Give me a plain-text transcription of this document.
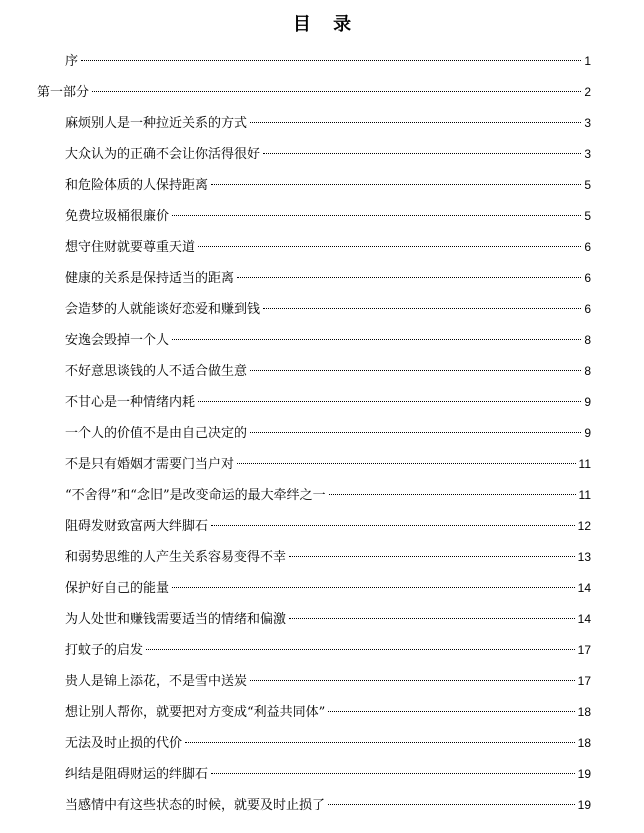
目 录
序	1
第一部分	2
麻烦别人是一种拉近关系的方式	3
大众认为的正确不会让你活得很好	3
和危险体质的人保持距离	5
免费垃圾桶很廉价	5
想守住财就要尊重天道	6
健康的关系是保持适当的距离	6
会造梦的人就能谈好恋爱和赚到钱	6
安逸会毁掉一个人	8
不好意思谈钱的人不适合做生意	8
不甘心是一种情绪内耗	9
一个人的价值不是由自己决定的	9
不是只有婚姻才需要门当户对	11
“不舍得”和“念旧”是改变命运的最大牵绊之一	11
阻碍发财致富两大绊脚石	12
和弱势思维的人产生关系容易变得不幸	13
保护好自己的能量	14
为人处世和赚钱需要适当的情绪和偏激	14
打蚊子的启发	17
贵人是锦上添花，不是雪中送炭	17
想让别人帮你，就要把对方变成“利益共同体”	18
无法及时止损的代价	18
纠结是阻碍财运的绊脚石	19
当感情中有这些状态的时候，就要及时止损了	19
